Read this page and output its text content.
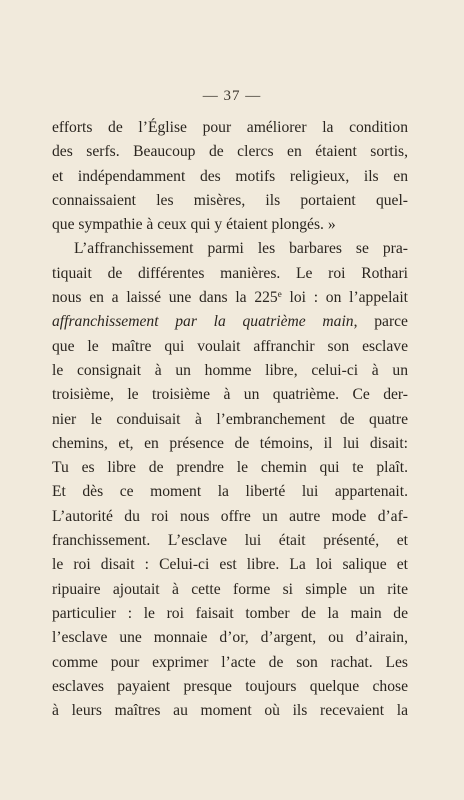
— 37 —
efforts de l’Église pour améliorer la condition
des serfs. Beaucoup de clercs en étaient sortis,
et indépendamment des motifs religieux, ils en
connaissaient les misères, ils portaient quel-
que sympathie à ceux qui y étaient plongés. »
L’affranchissement parmi les barbares se pra-
tiquait de différentes manières. Le roi Rothari
nous en a laissé une dans la 225e loi : on l’appelait
affranchissement par la quatrième main, parce
que le maître qui voulait affranchir son esclave
le consignait à un homme libre, celui-ci à un
troisième, le troisième à un quatrième. Ce der-
nier le conduisait à l’embranchement de quatre
chemins, et, en présence de témoins, il lui disait:
Tu es libre de prendre le chemin qui te plaît.
Et dès ce moment la liberté lui appartenait.
L’autorité du roi nous offre un autre mode d’af-
franchissement. L’esclave lui était présenté, et
le roi disait : Celui-ci est libre. La loi salique et
ripuaire ajoutait à cette forme si simple un rite
particulier : le roi faisait tomber de la main de
l’esclave une monnaie d’or, d’argent, ou d’airain,
comme pour exprimer l’acte de son rachat. Les
esclaves payaient presque toujours quelque chose
à leurs maîtres au moment où ils recevaient la
